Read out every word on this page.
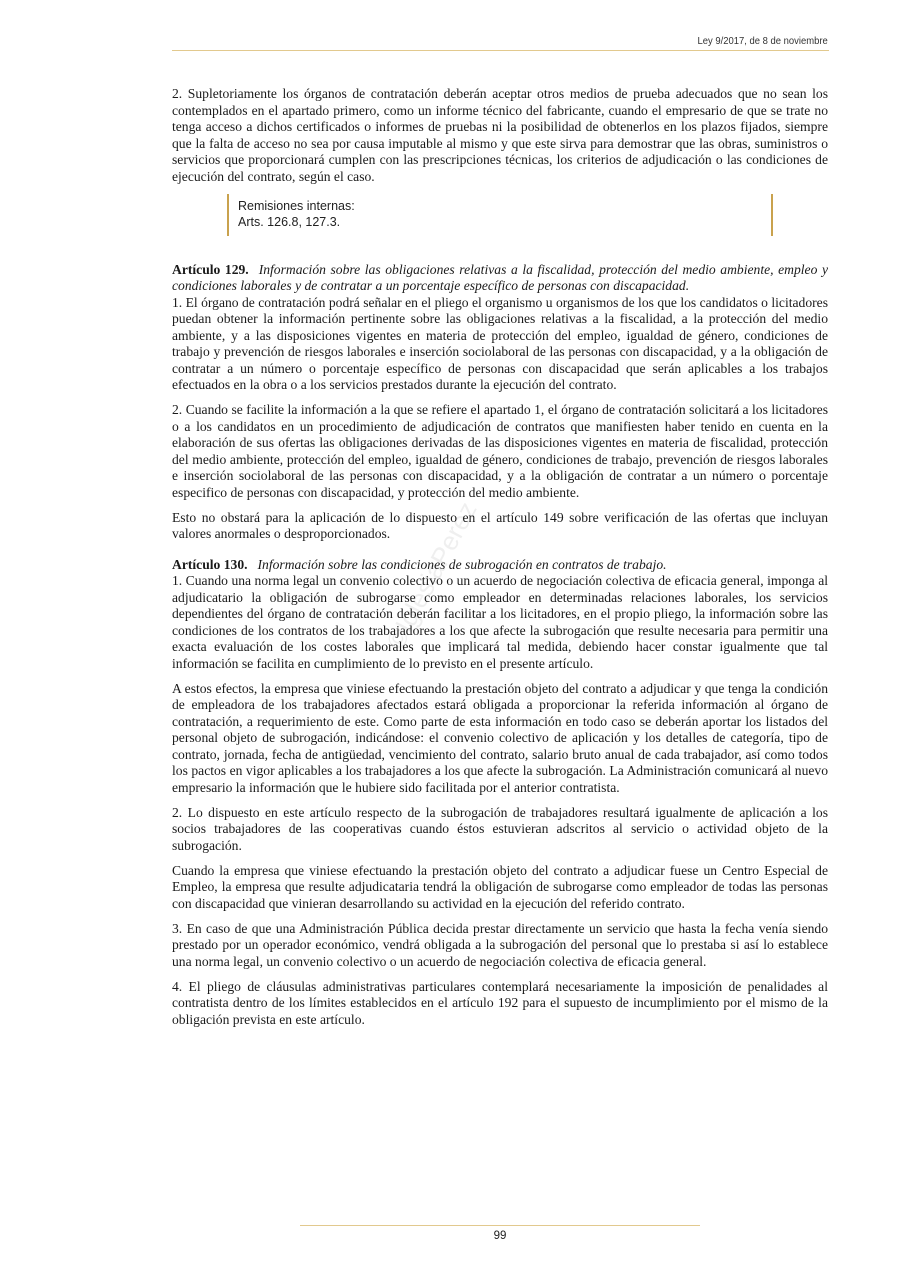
Ley 9/2017, de 8 de noviembre
©IglesiaPerez

2. Supletoriamente los órganos de contratación deberán aceptar otros medios de prueba adecuados que no sean los contemplados en el apartado primero, como un informe técnico del fabricante, cuando el empresario de que se trate no tenga acceso a dichos certificados o informes de pruebas ni la posibilidad de obtenerlos en los plazos fijados, siempre que la falta de acceso no sea por causa imputable al mismo y que este sirva para demostrar que las obras, suministros o servicios que proporcionará cumplen con las prescripciones técnicas, los criterios de adjudicación o las condiciones de ejecución del contrato, según el caso.

Remisiones internas:
Arts. 126.8, 127.3.
Artículo 129. Información sobre las obligaciones relativas a la fiscalidad, protección del medio ambiente, empleo y condiciones laborales y de contratar a un porcentaje específico de personas con discapacidad.

1. El órgano de contratación podrá señalar en el pliego el organismo u organismos de los que los candidatos o licitadores puedan obtener la información pertinente sobre las obligaciones relativas a la fiscalidad, a la protección del medio ambiente, y a las disposiciones vigentes en materia de protección del empleo, igualdad de género, condiciones de trabajo y prevención de riesgos laborales e inserción sociolaboral de las personas con discapacidad, y a la obligación de contratar a un número o porcentaje específico de personas con discapacidad que serán aplicables a los trabajos efectuados en la obra o a los servicios prestados durante la ejecución del contrato.

2. Cuando se facilite la información a la que se refiere el apartado 1, el órgano de contratación solicitará a los licitadores o a los candidatos en un procedimiento de adjudicación de contratos que manifiesten haber tenido en cuenta en la elaboración de sus ofertas las obligaciones derivadas de las disposiciones vigentes en materia de fiscalidad, protección del medio ambiente, protección del empleo, igualdad de género, condiciones de trabajo, prevención de riesgos laborales e inserción sociolaboral de las personas con discapacidad, y a la obligación de contratar a un número o porcentaje especifico de personas con discapacidad, y protección del medio ambiente.

Esto no obstará para la aplicación de lo dispuesto en el artículo 149 sobre verificación de las ofertas que incluyan valores anormales o desproporcionados.

Artículo 130. Información sobre las condiciones de subrogación en contratos de trabajo.

1. Cuando una norma legal un convenio colectivo o un acuerdo de negociación colectiva de eficacia general, imponga al adjudicatario la obligación de subrogarse como empleador en determinadas relaciones laborales, los servicios dependientes del órgano de contratación deberán facilitar a los licitadores, en el propio pliego, la información sobre las condiciones de los contratos de los trabajadores a los que afecte la subrogación que resulte necesaria para permitir una exacta evaluación de los costes laborales que implicará tal medida, debiendo hacer constar igualmente que tal información se facilita en cumplimiento de lo previsto en el presente artículo.

A estos efectos, la empresa que viniese efectuando la prestación objeto del contrato a adjudicar y que tenga la condición de empleadora de los trabajadores afectados estará obligada a proporcionar la referida información al órgano de contratación, a requerimiento de este. Como parte de esta información en todo caso se deberán aportar los listados del personal objeto de subrogación, indicándose: el convenio colectivo de aplicación y los detalles de categoría, tipo de contrato, jornada, fecha de antigüedad, vencimiento del contrato, salario bruto anual de cada trabajador, así como todos los pactos en vigor aplicables a los trabajadores a los que afecte la subrogación. La Administración comunicará al nuevo empresario la información que le hubiere sido facilitada por el anterior contratista.

2. Lo dispuesto en este artículo respecto de la subrogación de trabajadores resultará igualmente de aplicación a los socios trabajadores de las cooperativas cuando éstos estuvieran adscritos al servicio o actividad objeto de la subrogación.

Cuando la empresa que viniese efectuando la prestación objeto del contrato a adjudicar fuese un Centro Especial de Empleo, la empresa que resulte adjudicataria tendrá la obligación de subrogarse como empleador de todas las personas con discapacidad que vinieran desarrollando su actividad en la ejecución del referido contrato.

3. En caso de que una Administración Pública decida prestar directamente un servicio que hasta la fecha venía siendo prestado por un operador económico, vendrá obligada a la subrogación del personal que lo prestaba si así lo establece una norma legal, un convenio colectivo o un acuerdo de negociación colectiva de eficacia general.

4. El pliego de cláusulas administrativas particulares contemplará necesariamente la imposición de penalidades al contratista dentro de los límites establecidos en el artículo 192 para el supuesto de incumplimiento por el mismo de la obligación prevista en este artículo.

99
